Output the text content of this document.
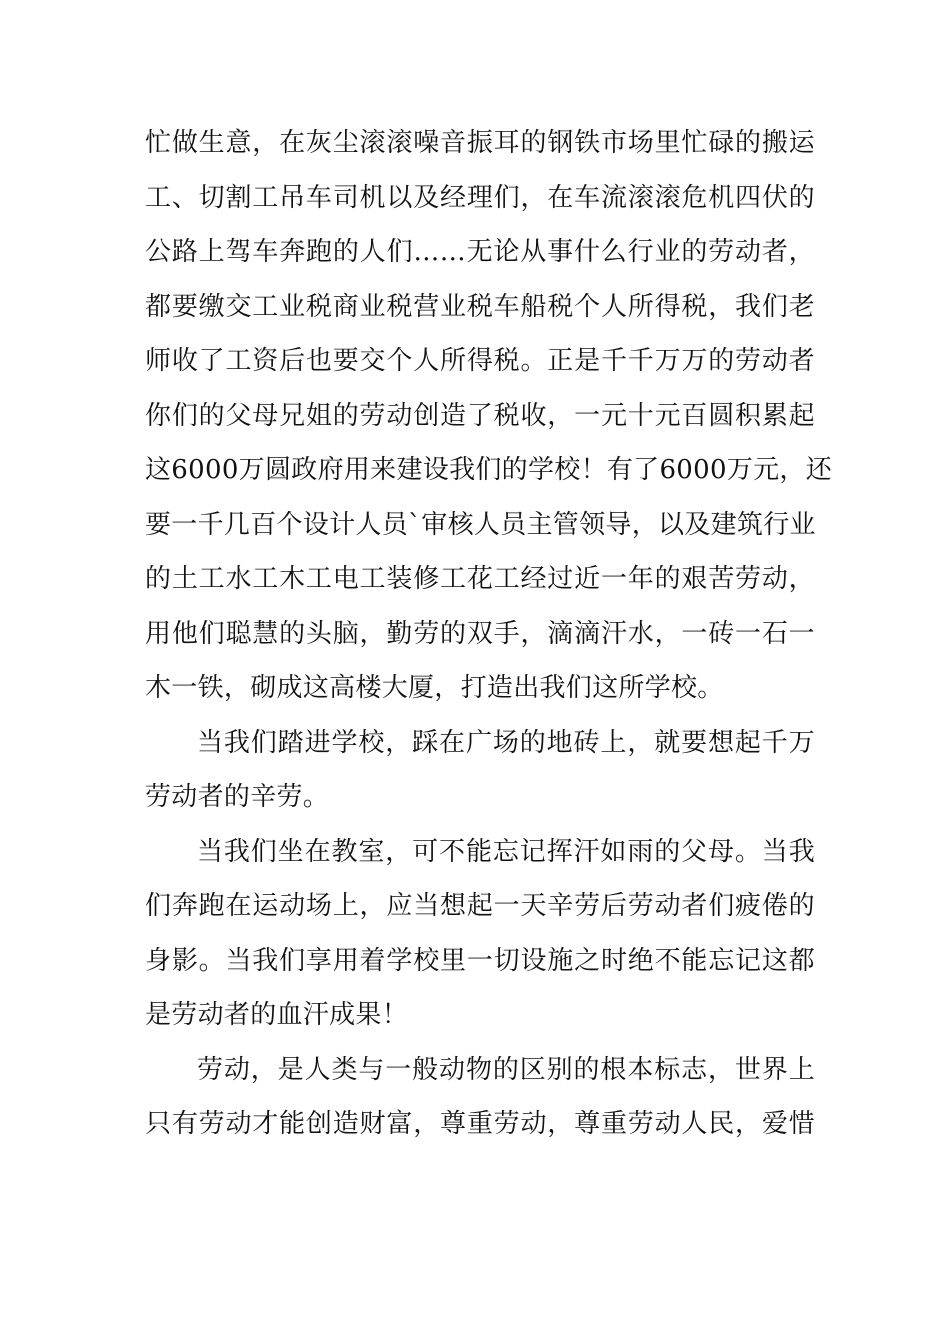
忙做生意，在灰尘滚滚噪音振耳的钢铁市场里忙碌的搬运
工、切割工吊车司机以及经理们，在车流滚滚危机四伏的
公路上驾车奔跑的人们……无论从事什么行业的劳动者，
都要缴交工业税商业税营业税车船税个人所得税，我们老
师收了工资后也要交个人所得税。正是千千万万的劳动者
你们的父母兄姐的劳动创造了税收，一元十元百圆积累起
这6000万圆政府用来建设我们的学校！有了6000万元，还
要一千几百个设计人员`审核人员主管领导，以及建筑行业
的土工水工木工电工装修工花工经过近一年的艰苦劳动，
用他们聪慧的头脑，勤劳的双手，滴滴汗水，一砖一石一
木一铁，砌成这高楼大厦，打造出我们这所学校。
当我们踏进学校，踩在广场的地砖上，就要想起千万
劳动者的辛劳。
当我们坐在教室，可不能忘记挥汗如雨的父母。当我
们奔跑在运动场上，应当想起一天辛劳后劳动者们疲倦的
身影。当我们享用着学校里一切设施之时绝不能忘记这都
是劳动者的血汗成果！
劳动，是人类与一般动物的区别的根本标志，世界上
只有劳动才能创造财富，尊重劳动，尊重劳动人民，爱惜
